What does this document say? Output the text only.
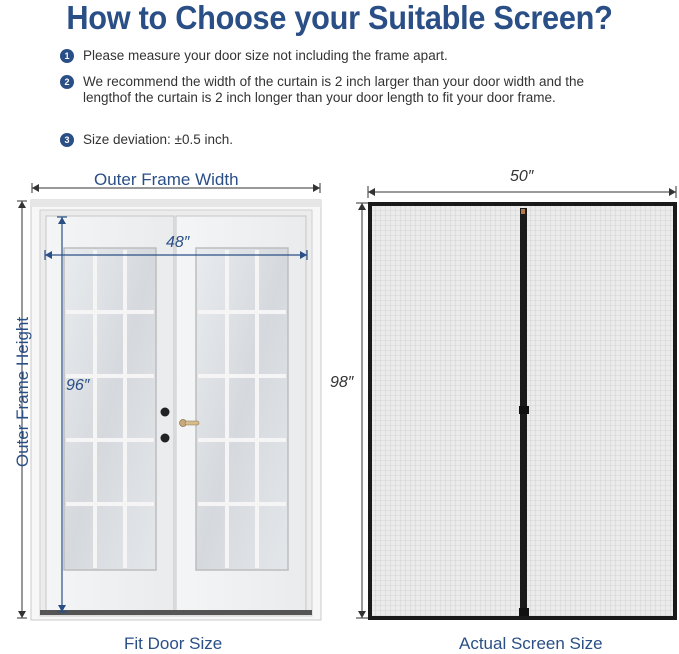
How to Choose your Suitable Screen?
1	Please measure your door size not including the frame apart.
2	We recommend the width of the curtain is 2 inch larger than your door width and the lengthof the curtain is 2 inch longer than your door length to fit your door frame.
3	Size deviation: ±0.5 inch.
Outer Frame Width
Outer Frame Height
48″
96″
Fit Door Size
50″
98″
Actual Screen Size
